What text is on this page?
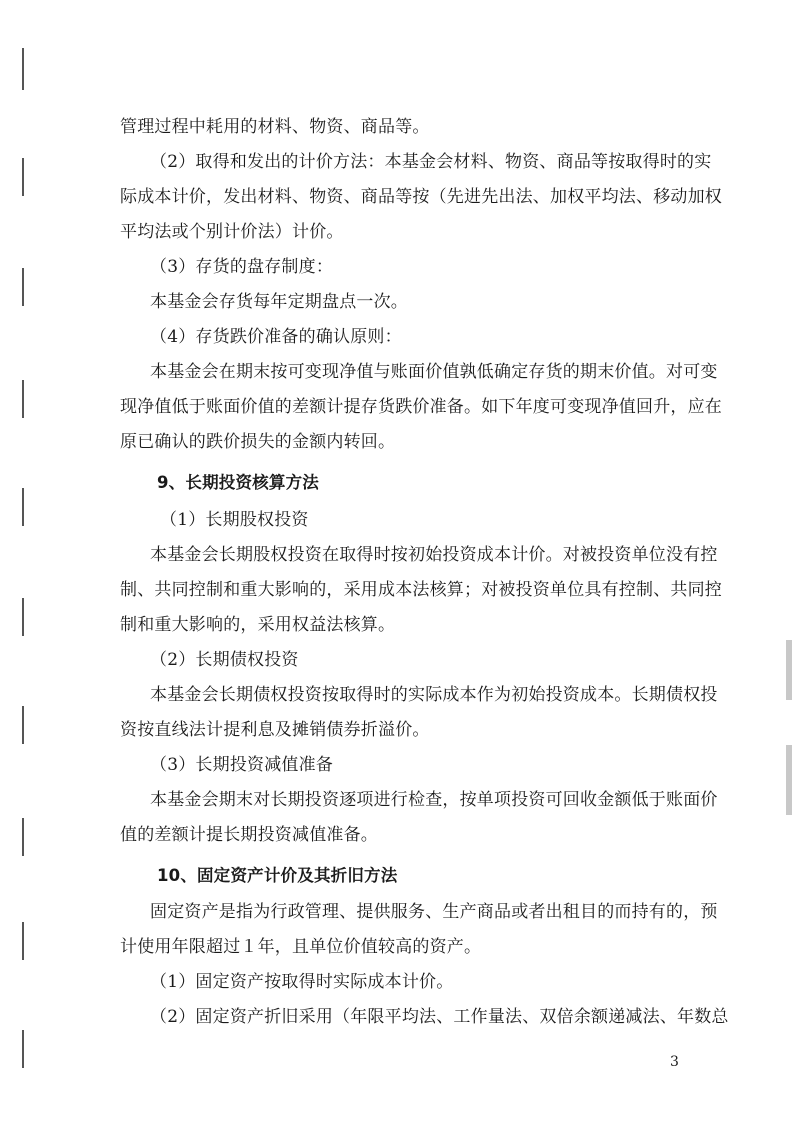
管理过程中耗用的材料、物资、商品等。
（2）取得和发出的计价方法：本基金会材料、物资、商品等按取得时的实
际成本计价，发出材料、物资、商品等按（先进先出法、加权平均法、移动加权
平均法或个别计价法）计价。
（3）存货的盘存制度：
本基金会存货每年定期盘点一次。
（4）存货跌价准备的确认原则：
本基金会在期末按可变现净值与账面价值孰低确定存货的期末价值。对可变
现净值低于账面价值的差额计提存货跌价准备。如下年度可变现净值回升，应在
原已确认的跌价损失的金额内转回。
9、长期投资核算方法
（1）长期股权投资
本基金会长期股权投资在取得时按初始投资成本计价。对被投资单位没有控
制、共同控制和重大影响的，采用成本法核算；对被投资单位具有控制、共同控
制和重大影响的，采用权益法核算。
（2）长期债权投资
本基金会长期债权投资按取得时的实际成本作为初始投资成本。长期债权投
资按直线法计提利息及摊销债券折溢价。
（3）长期投资减值准备
本基金会期末对长期投资逐项进行检查，按单项投资可回收金额低于账面价
值的差额计提长期投资减值准备。
10、固定资产计价及其折旧方法
固定资产是指为行政管理、提供服务、生产商品或者出租目的而持有的，预
计使用年限超过１年，且单位价值较高的资产。
（1）固定资产按取得时实际成本计价。
（2）固定资产折旧采用（年限平均法、工作量法、双倍余额递减法、年数总
3
